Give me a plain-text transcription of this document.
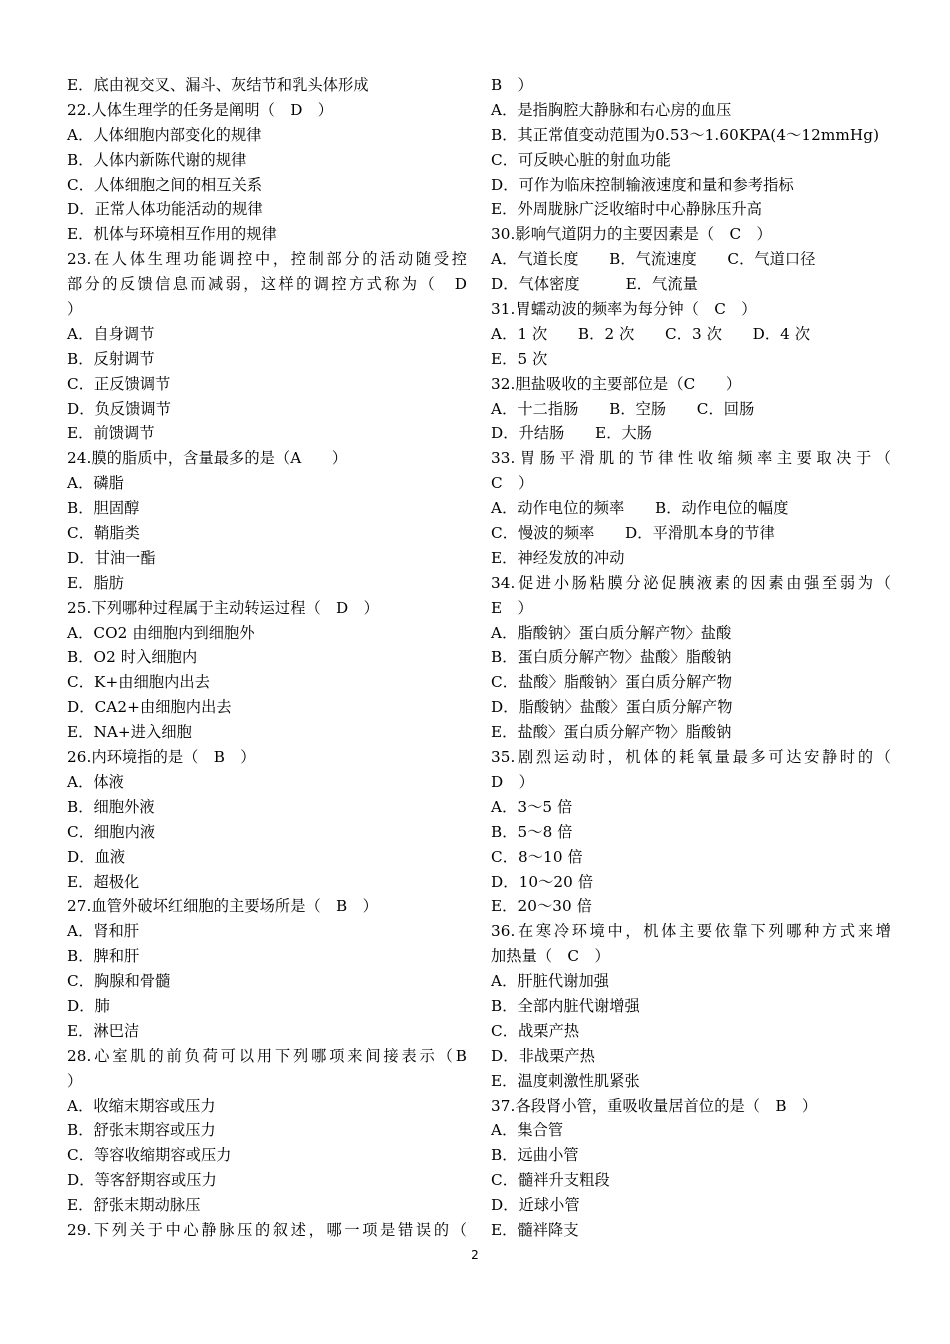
E．底由视交叉、漏斗、灰结节和乳头体形成
22.人体生理学的任务是阐明（　D　）
A．人体细胞内部变化的规律
B．人体内新陈代谢的规律
C．人体细胞之间的相互关系
D．正常人体功能活动的规律
E．机体与环境相互作用的规律
23.在人体生理功能调控中，控制部分的活动随受控
部分的反馈信息而减弱，这样的调控方式称为（　D
）
A．自身调节
B．反射调节
C．正反馈调节
D．负反馈调节
E．前馈调节
24.膜的脂质中，含量最多的是（A　　）
A．磷脂
B．胆固醇
C．鞘脂类
D．甘油一酯
E．脂肪
25.下列哪种过程属于主动转运过程（　D　）
A．CO2 由细胞内到细胞外
B．O2 时入细胞内
C．K+由细胞内出去
D．CA2+由细胞内出去
E．NA+进入细胞
26.内环境指的是（　B　）
A．体液
B．细胞外液
C．细胞内液
D．血液
E．超极化
27.血管外破坏红细胞的主要场所是（　B　）
A．肾和肝
B．脾和肝
C．胸腺和骨髓
D．肺
E．淋巴洁
28.心室肌的前负荷可以用下列哪项来间接表示（B
）
A．收缩末期容或压力
B．舒张末期容或压力
C．等容收缩期容或压力
D．等客舒期容或压力
E．舒张末期动脉压
29.下列关于中心静脉压的叙述，哪一项是错误的（
B　）
A．是指胸腔大静脉和右心房的血压
B．其正常值变动范围为0.53～1.60KPA(4～12mmHg)
C．可反映心脏的射血功能
D．可作为临床控制输液速度和量和参考指标
E．外周胧脉广泛收缩时中心静脉压升高
30.影响气道阴力的主要因素是（　C　）
A．气道长度　　B．气流速度　　C．气道口径
D．气体密度　　　E．气流量
31.胃蠕动波的频率为每分钟（　C　）
A．1 次　　B．2 次　　C．3 次　　D．4 次
E．5 次
32.胆盐吸收的主要部位是（C　　）
A．十二指肠　　B．空肠　　C．回肠
D．升结肠　　E．大肠
33.胃肠平滑肌的节律性收缩频率主要取决于（
C　）
A．动作电位的频率　　B．动作电位的幅度
C．慢波的频率　　D．平滑肌本身的节律
E．神经发放的冲动
34.促进小肠粘膜分泌促胰液素的因素由强至弱为（
E　）
A．脂酸钠〉蛋白质分解产物〉盐酸
B．蛋白质分解产物〉盐酸〉脂酸钠
C．盐酸〉脂酸钠〉蛋白质分解产物
D．脂酸钠〉盐酸〉蛋白质分解产物
E．盐酸〉蛋白质分解产物〉脂酸钠
35.剧烈运动时，机体的耗氧量最多可达安静时的（
D　）
A．3～5 倍
B．5～8 倍
C．8～10 倍
D．10～20 倍
E．20～30 倍
36.在寒冷环境中，机体主要依靠下列哪种方式来增
加热量（　C　）
A．肝脏代谢加强
B．全部内脏代谢增强
C．战栗产热
D．非战栗产热
E．温度刺激性肌紧张
37.各段肾小管，重吸收量居首位的是（　B　）
A．集合管
B．远曲小管
C．髓袢升支粗段
D．近球小管
E．髓袢降支
2
